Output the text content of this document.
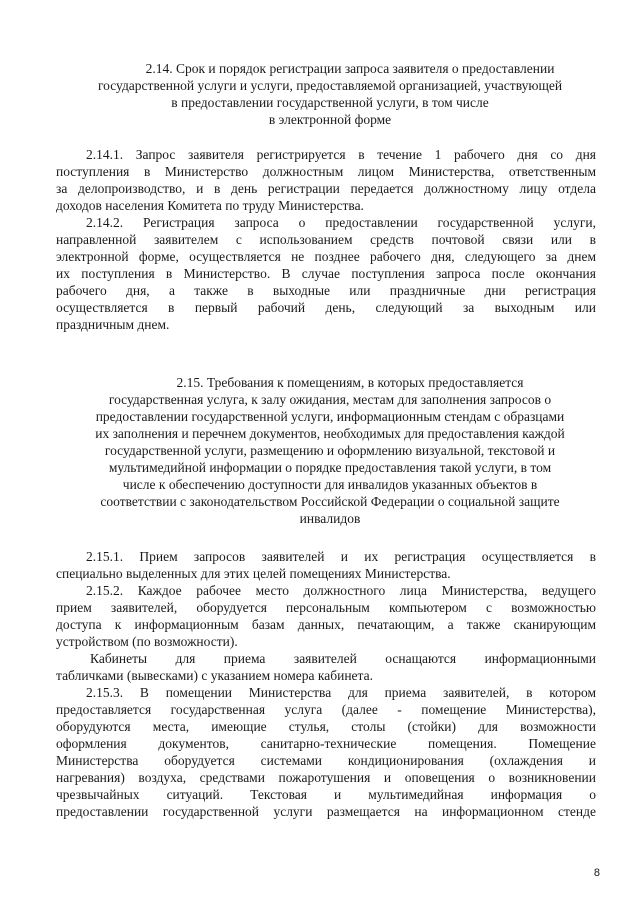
2.14. Срок и порядок регистрации запроса заявителя о предоставлении
государственной услуги и услуги, предоставляемой организацией, участвующей
в предоставлении государственной услуги, в том числе
в электронной форме
2.14.1. Запрос заявителя регистрируется в течение 1 рабочего дня со дня
поступления в Министерство должностным лицом Министерства, ответственным
за делопроизводство, и в день регистрации передается должностному лицу отдела
доходов населения Комитета по труду Министерства.
2.14.2. Регистрация запроса о предоставлении государственной услуги,
направленной заявителем с использованием средств почтовой связи или в
электронной форме, осуществляется не позднее рабочего дня, следующего за днем
их поступления в Министерство. В случае поступления запроса после окончания
рабочего дня, а также в выходные или праздничные дни регистрация
осуществляется в первый рабочий день, следующий за выходным или
праздничным днем.
2.15. Требования к помещениям, в которых предоставляется
государственная услуга, к залу ожидания, местам для заполнения запросов о
предоставлении государственной услуги, информационным стендам с образцами
их заполнения и перечнем документов, необходимых для предоставления каждой
государственной услуги, размещению и оформлению визуальной, текстовой и
мультимедийной информации о порядке предоставления такой услуги, в том
числе к обеспечению доступности для инвалидов указанных объектов в
соответствии с законодательством Российской Федерации о социальной защите
инвалидов
2.15.1. Прием запросов заявителей и их регистрация осуществляется в
специально выделенных для этих целей помещениях Министерства.
2.15.2. Каждое рабочее место должностного лица Министерства, ведущего
прием заявителей, оборудуется персональным компьютером с возможностью
доступа к информационным базам данных, печатающим, а также сканирующим
устройством (по возможности).
Кабинеты для приема заявителей оснащаются информационными
табличками (вывесками) с указанием номера кабинета.
2.15.3. В помещении Министерства для приема заявителей, в котором
предоставляется государственная услуга (далее - помещение Министерства),
оборудуются места, имеющие стулья, столы (стойки) для возможности
оформления документов, санитарно-технические помещения. Помещение
Министерства оборудуется системами кондиционирования (охлаждения и
нагревания) воздуха, средствами пожаротушения и оповещения о возникновении
чрезвычайных ситуаций. Текстовая и мультимедийная информация о
предоставлении государственной услуги размещается на информационном стенде
8
